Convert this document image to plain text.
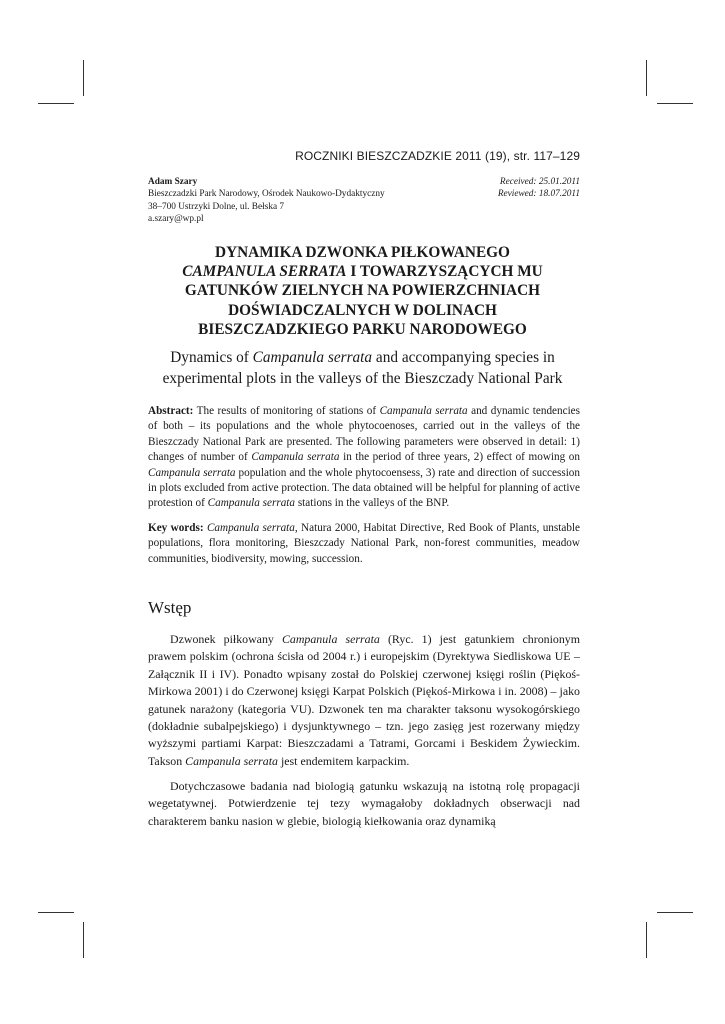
ROCZNIKI BIESZCZADZKIE 2011 (19), str. 117–129
Adam Szary	Received: 25.01.2011
Bieszczadzki Park Narodowy, Ośrodek Naukowo-Dydaktyczny	Reviewed: 18.07.2011
38–700 Ustrzyki Dolne, ul. Bełska 7
a.szary@wp.pl
DYNAMIKA DZWONKA PIŁKOWANEGO
CAMPANULA SERRATA I TOWARZYSZĄCYCH MU
GATUNKÓW ZIELNYCH NA POWIERZCHNIACH
DOŚWIADCZALNYCH W DOLINACH
BIESZCZADZKIEGO PARKU NARODOWEGO
Dynamics of Campanula serrata and accompanying species in
experimental plots in the valleys of the Bieszczady National Park
Abstract: The results of monitoring of stations of Campanula serrata and dynamic tendencies of both – its populations and the whole phytocoenoses, carried out in the valleys of the Bieszczady National Park are presented. The following parameters were observed in detail: 1) changes of number of Campanula serrata in the period of three years, 2) effect of mowing on Campanula serrata population and the whole phytocoensess, 3) rate and direction of succession in plots excluded from active protection. The data obtained will be helpful for planning of active protestion of Campanula serrata stations in the valleys of the BNP.
Key words: Campanula serrata, Natura 2000, Habitat Directive, Red Book of Plants, unstable populations, flora monitoring, Bieszczady National Park, non-forest communities, meadow communities, biodiversity, mowing, succession.
Wstęp
Dzwonek piłkowany Campanula serrata (Ryc. 1) jest gatunkiem chronionym prawem polskim (ochrona ścisła od 2004 r.) i europejskim (Dyrektywa Siedliskowa UE – Załącznik II i IV). Ponadto wpisany został do Polskiej czerwonej księgi roślin (Piękoś-Mirkowa 2001) i do Czerwonej księgi Karpat Polskich (Piękoś-Mirkowa i in. 2008) – jako gatunek narażony (kategoria VU). Dzwonek ten ma charakter taksonu wysokogórskiego (dokładnie subalpejskiego) i dysjunktywnego – tzn. jego zasięg jest rozerwany między wyższymi partiami Karpat: Bieszczadami a Tatrami, Gorcami i Beskidem Żywieckim. Takson Campanula serrata jest endemitem karpackim.
Dotychczasowe badania nad biologią gatunku wskazują na istotną rolę propagacji wegetatywnej. Potwierdzenie tej tezy wymagałoby dokładnych obserwacji nad charakterem banku nasion w glebie, biologią kiełkowania oraz dynamiką
